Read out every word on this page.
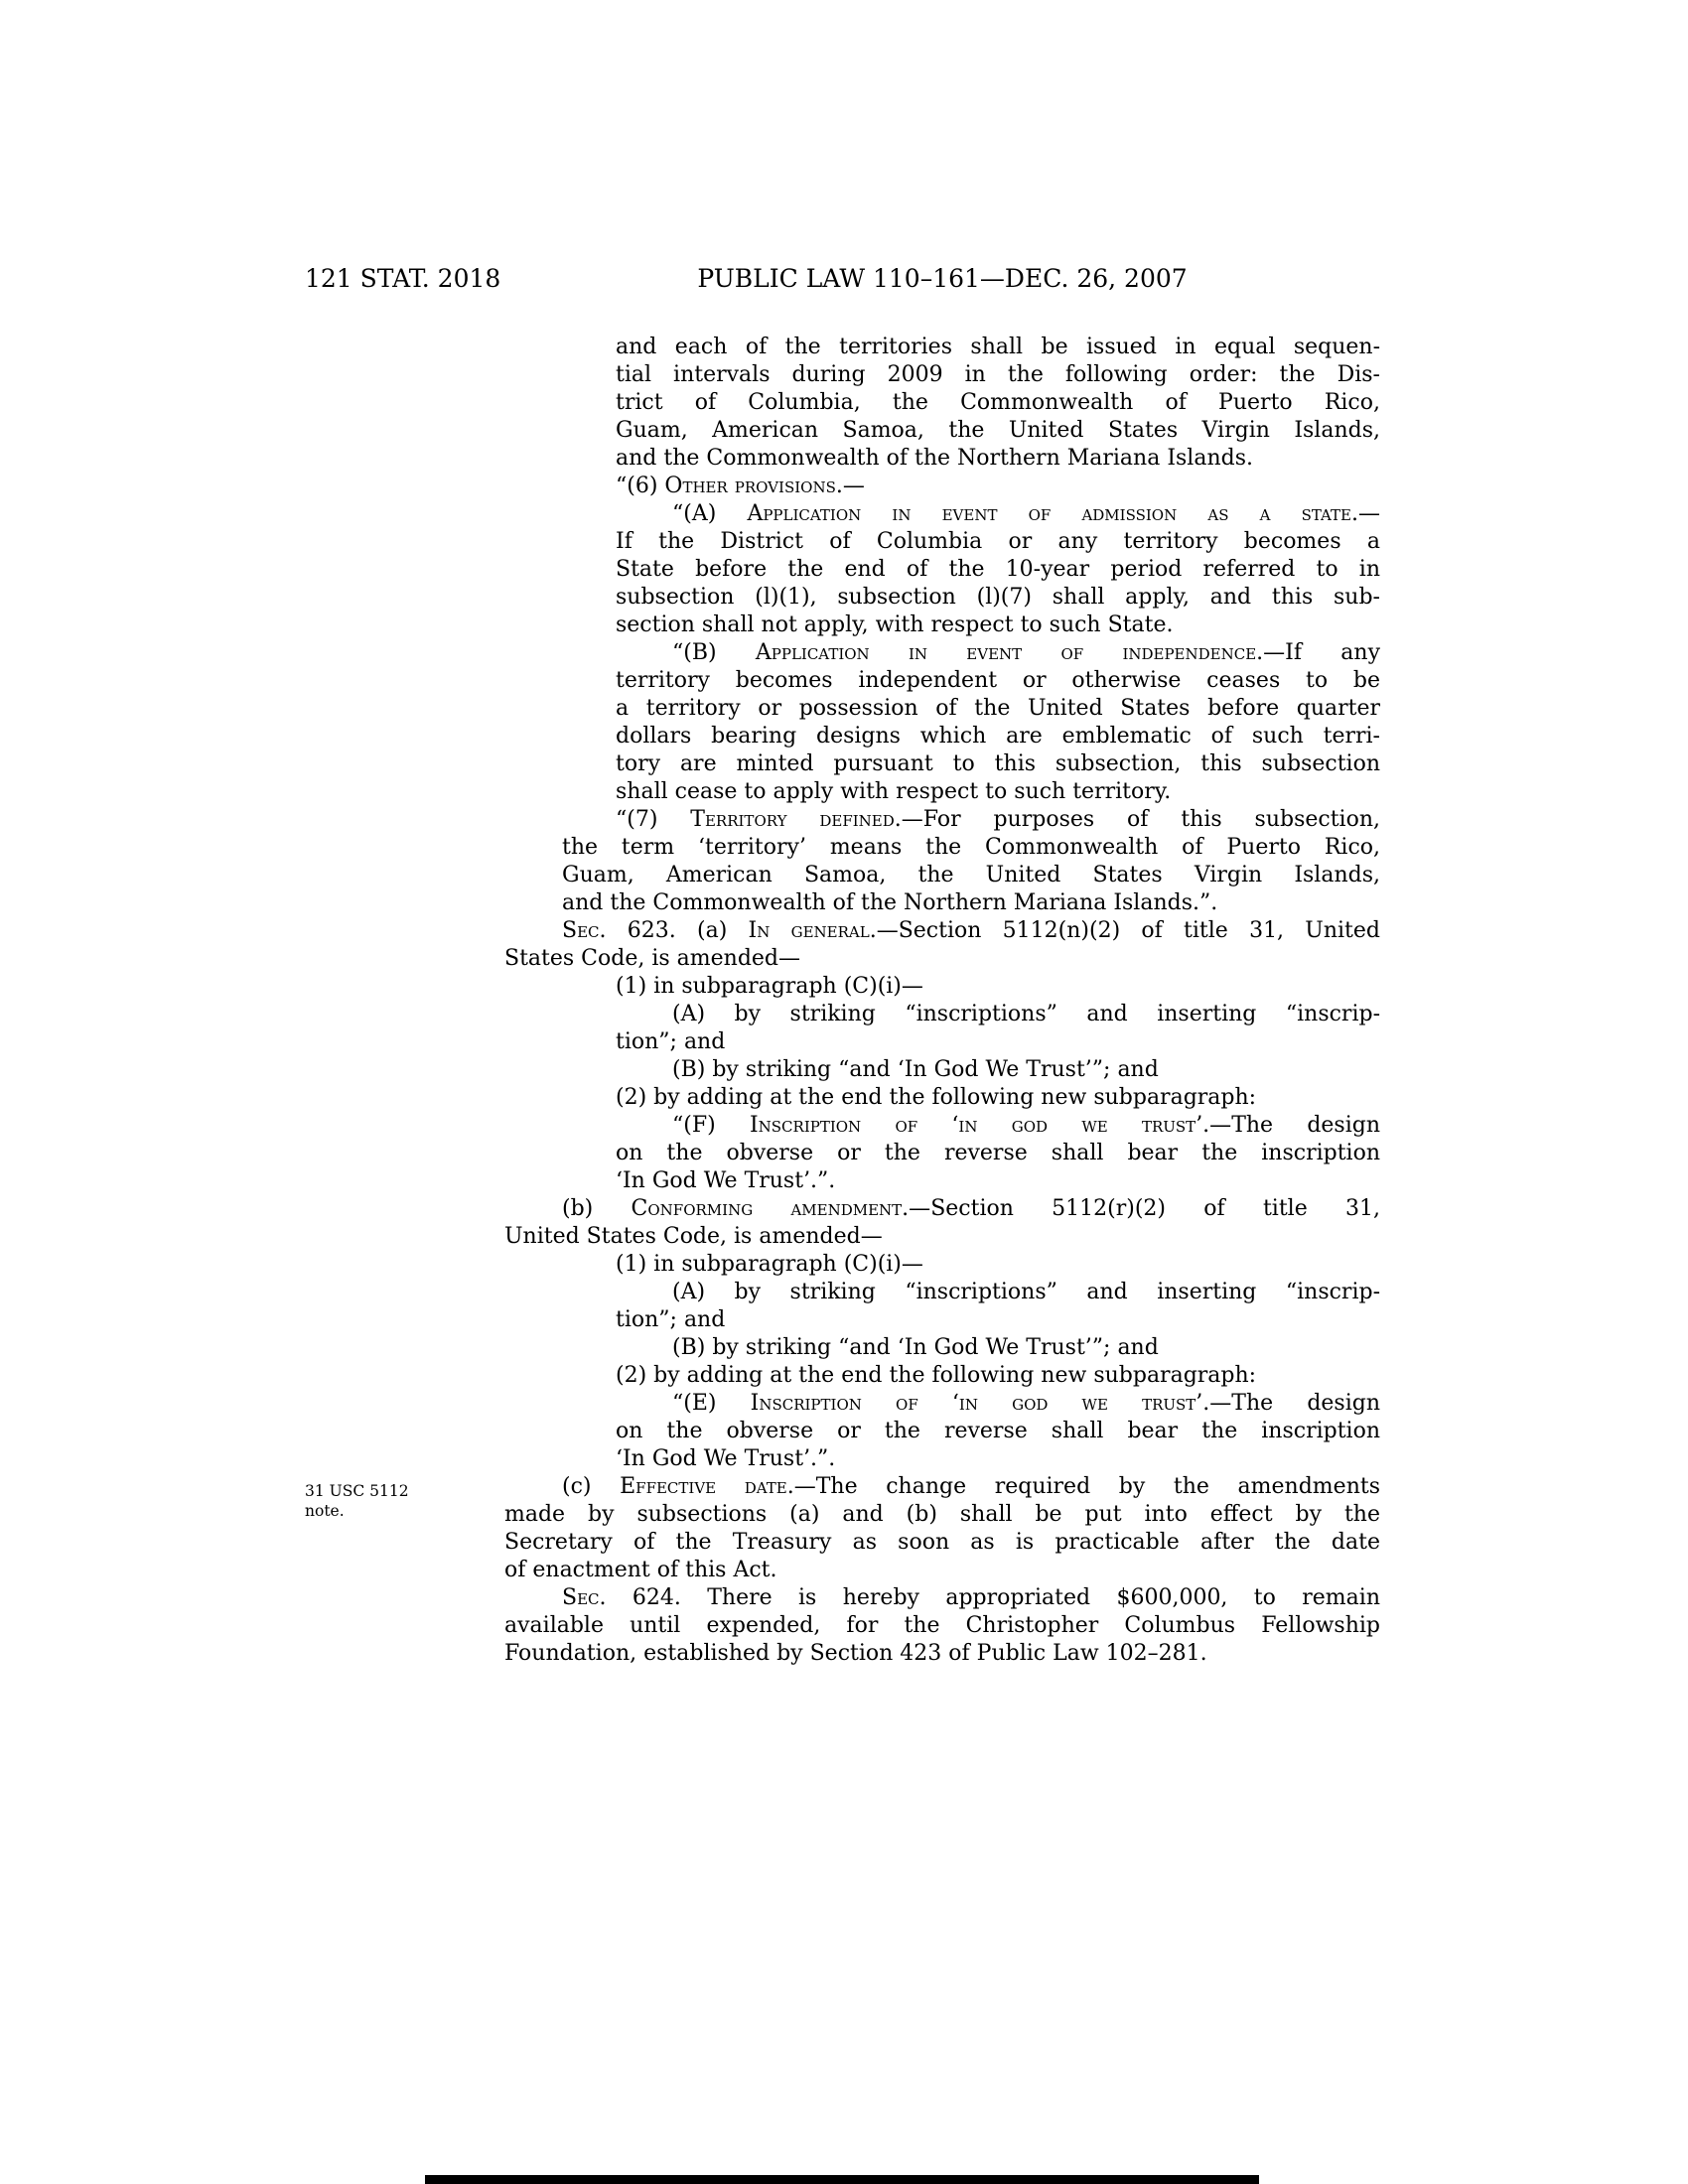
121 STAT. 2018	PUBLIC LAW 110–161—DEC. 26, 2007
31 USC 5112
note.
and each of the territories shall be issued in equal sequen-
tial intervals during 2009 in the following order: the Dis-
trict of Columbia, the Commonwealth of Puerto Rico,
Guam, American Samoa, the United States Virgin Islands,
and the Commonwealth of the Northern Mariana Islands.
“(6) Other provisions.—
“(A) Application in event of admission as a state.—
If the District of Columbia or any territory becomes a
State before the end of the 10-year period referred to in
subsection (l)(1), subsection (l)(7) shall apply, and this sub-
section shall not apply, with respect to such State.
“(B) Application in event of independence.—If any
territory becomes independent or otherwise ceases to be
a territory or possession of the United States before quarter
dollars bearing designs which are emblematic of such terri-
tory are minted pursuant to this subsection, this subsection
shall cease to apply with respect to such territory.
“(7) Territory defined.—For purposes of this subsection,
the term ‘territory’ means the Commonwealth of Puerto Rico,
Guam, American Samoa, the United States Virgin Islands,
and the Commonwealth of the Northern Mariana Islands.”.
Sec. 623. (a) In general.—Section 5112(n)(2) of title 31, United
States Code, is amended—
(1) in subparagraph (C)(i)—
(A) by striking “inscriptions” and inserting “inscrip-
tion”; and
(B) by striking “and ‘In God We Trust’”; and
(2) by adding at the end the following new subparagraph:
“(F) Inscription of ‘in god we trust’.—The design
on the obverse or the reverse shall bear the inscription
‘In God We Trust’.”.
(b) Conforming amendment.—Section 5112(r)(2) of title 31,
United States Code, is amended—
(1) in subparagraph (C)(i)—
(A) by striking “inscriptions” and inserting “inscrip-
tion”; and
(B) by striking “and ‘In God We Trust’”; and
(2) by adding at the end the following new subparagraph:
“(E) Inscription of ‘in god we trust’.—The design
on the obverse or the reverse shall bear the inscription
‘In God We Trust’.”.
(c) Effective date.—The change required by the amendments
made by subsections (a) and (b) shall be put into effect by the
Secretary of the Treasury as soon as is practicable after the date
of enactment of this Act.
Sec. 624. There is hereby appropriated $600,000, to remain
available until expended, for the Christopher Columbus Fellowship
Foundation, established by Section 423 of Public Law 102–281.
